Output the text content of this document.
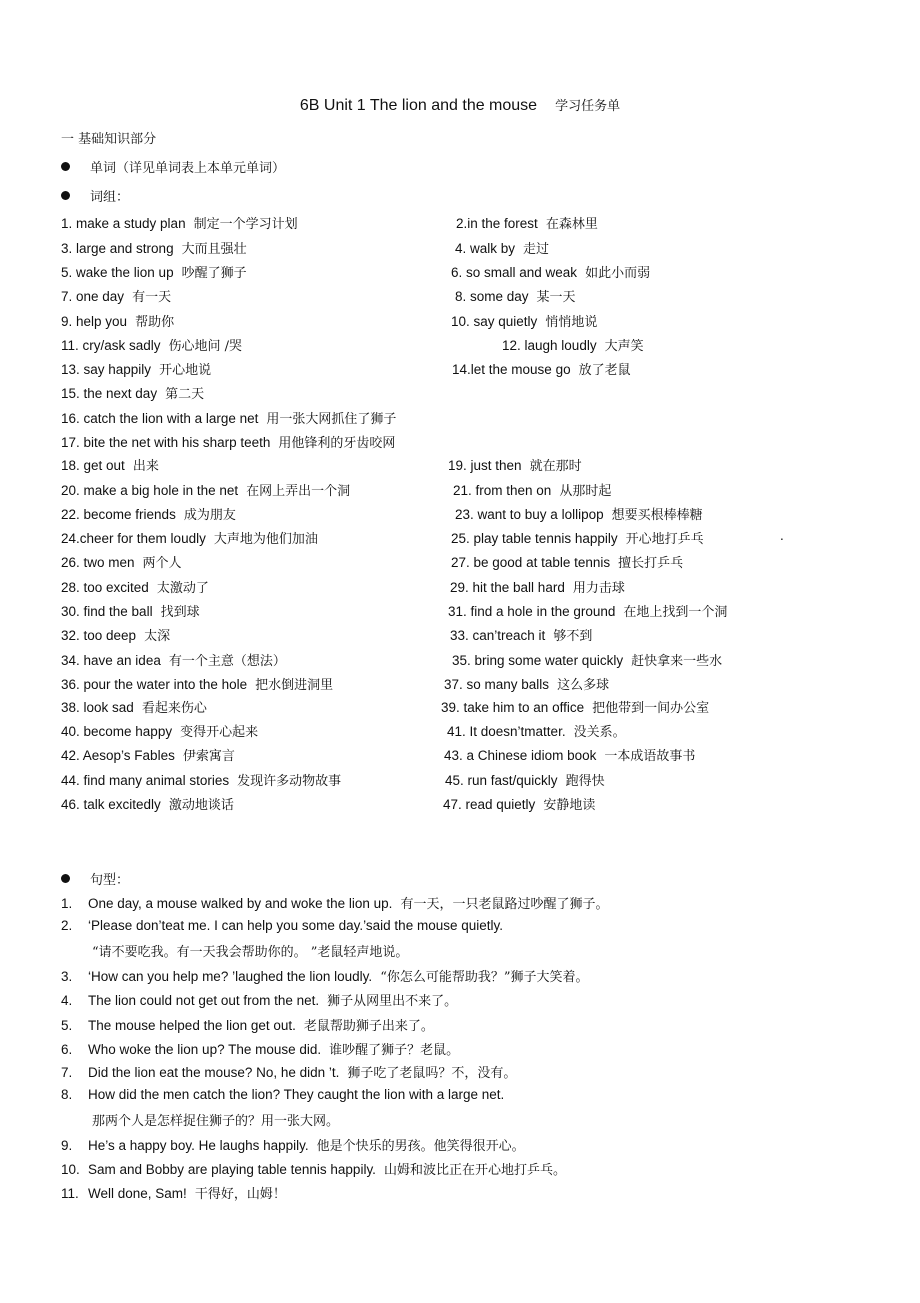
6B Unit 1 The lion and the mouse 学习任务单
一 基础知识部分
单词（详见单词表上本单元单词）
词组：
1. make a study plan 制定一个学习计划	2.in the forest 在森林里
3. large and strong 大而且强壮	4. walk by 走过
5. wake the lion up 吵醒了狮子	6. so small and weak 如此小而弱
7. one day 有一天	8. some day 某一天
9. help you 帮助你	10. say quietly 悄悄地说
11. cry/ask sadly 伤心地问 /哭	12. laugh loudly 大声笑
13. say happily 开心地说	14.let the mouse go 放了老鼠
15. the next day 第二天
16. catch the lion with a large net 用一张大网抓住了狮子
17. bite the net with his sharp teeth 用他锋利的牙齿咬网
18. get out 出来	19. just then 就在那时
20. make a big hole in the net 在网上弄出一个洞	21. from then on 从那时起
22. become friends 成为朋友	23. want to buy a lollipop 想要买根棒棒糖
24.cheer for them loudly 大声地为他们加油	25. play table tennis happily 开心地打乒乓
26. two men 两个人	27. be good at table tennis 擅长打乒乓
28. too excited 太激动了	29. hit the ball hard 用力击球
30. find the ball 找到球	31. find a hole in the ground 在地上找到一个洞
32. too deep 太深	33. can’treach it 够不到
34. have an idea 有一个主意（想法）	35. bring some water quickly 赶快拿来一些水
36. pour the water into the hole 把水倒进洞里	37. so many balls 这么多球
38. look sad 看起来伤心	39. take him to an office 把他带到一间办公室
40. become happy 变得开心起来	41. It doesn’tmatter. 没关系。
42. Aesop’s Fables 伊索寓言	43. a Chinese idiom book 一本成语故事书
44. find many animal stories 发现许多动物故事	45. run fast/quickly 跑得快
46. talk excitedly 激动地谈话	47. read quietly 安静地读
.
句型：
1. One day, a mouse walked by and woke the lion up. 有一天，一只老鼠路过吵醒了狮子。
2. ‘Please don’teat me. I can help you some day.’said the mouse quietly.
“请不要吃我。有一天我会帮助你的。 ”老鼠轻声地说。
3. ‘How can you help me? ’laughed the lion loudly. “你怎么可能帮助我？”狮子大笑着。
4. The lion could not get out from the net. 狮子从网里出不来了。
5. The mouse helped the lion get out. 老鼠帮助狮子出来了。
6. Who woke the lion up? The mouse did. 谁吵醒了狮子？老鼠。
7. Did the lion eat the mouse? No, he didn ’t. 狮子吃了老鼠吗？不，没有。
8. How did the men catch the lion? They caught the lion with a large net.
那两个人是怎样捉住狮子的？用一张大网。
9. He’s a happy boy. He laughs happily. 他是个快乐的男孩。他笑得很开心。
10. Sam and Bobby are playing table tennis happily. 山姆和波比正在开心地打乒乓。
11. Well done, Sam! 干得好，山姆！
